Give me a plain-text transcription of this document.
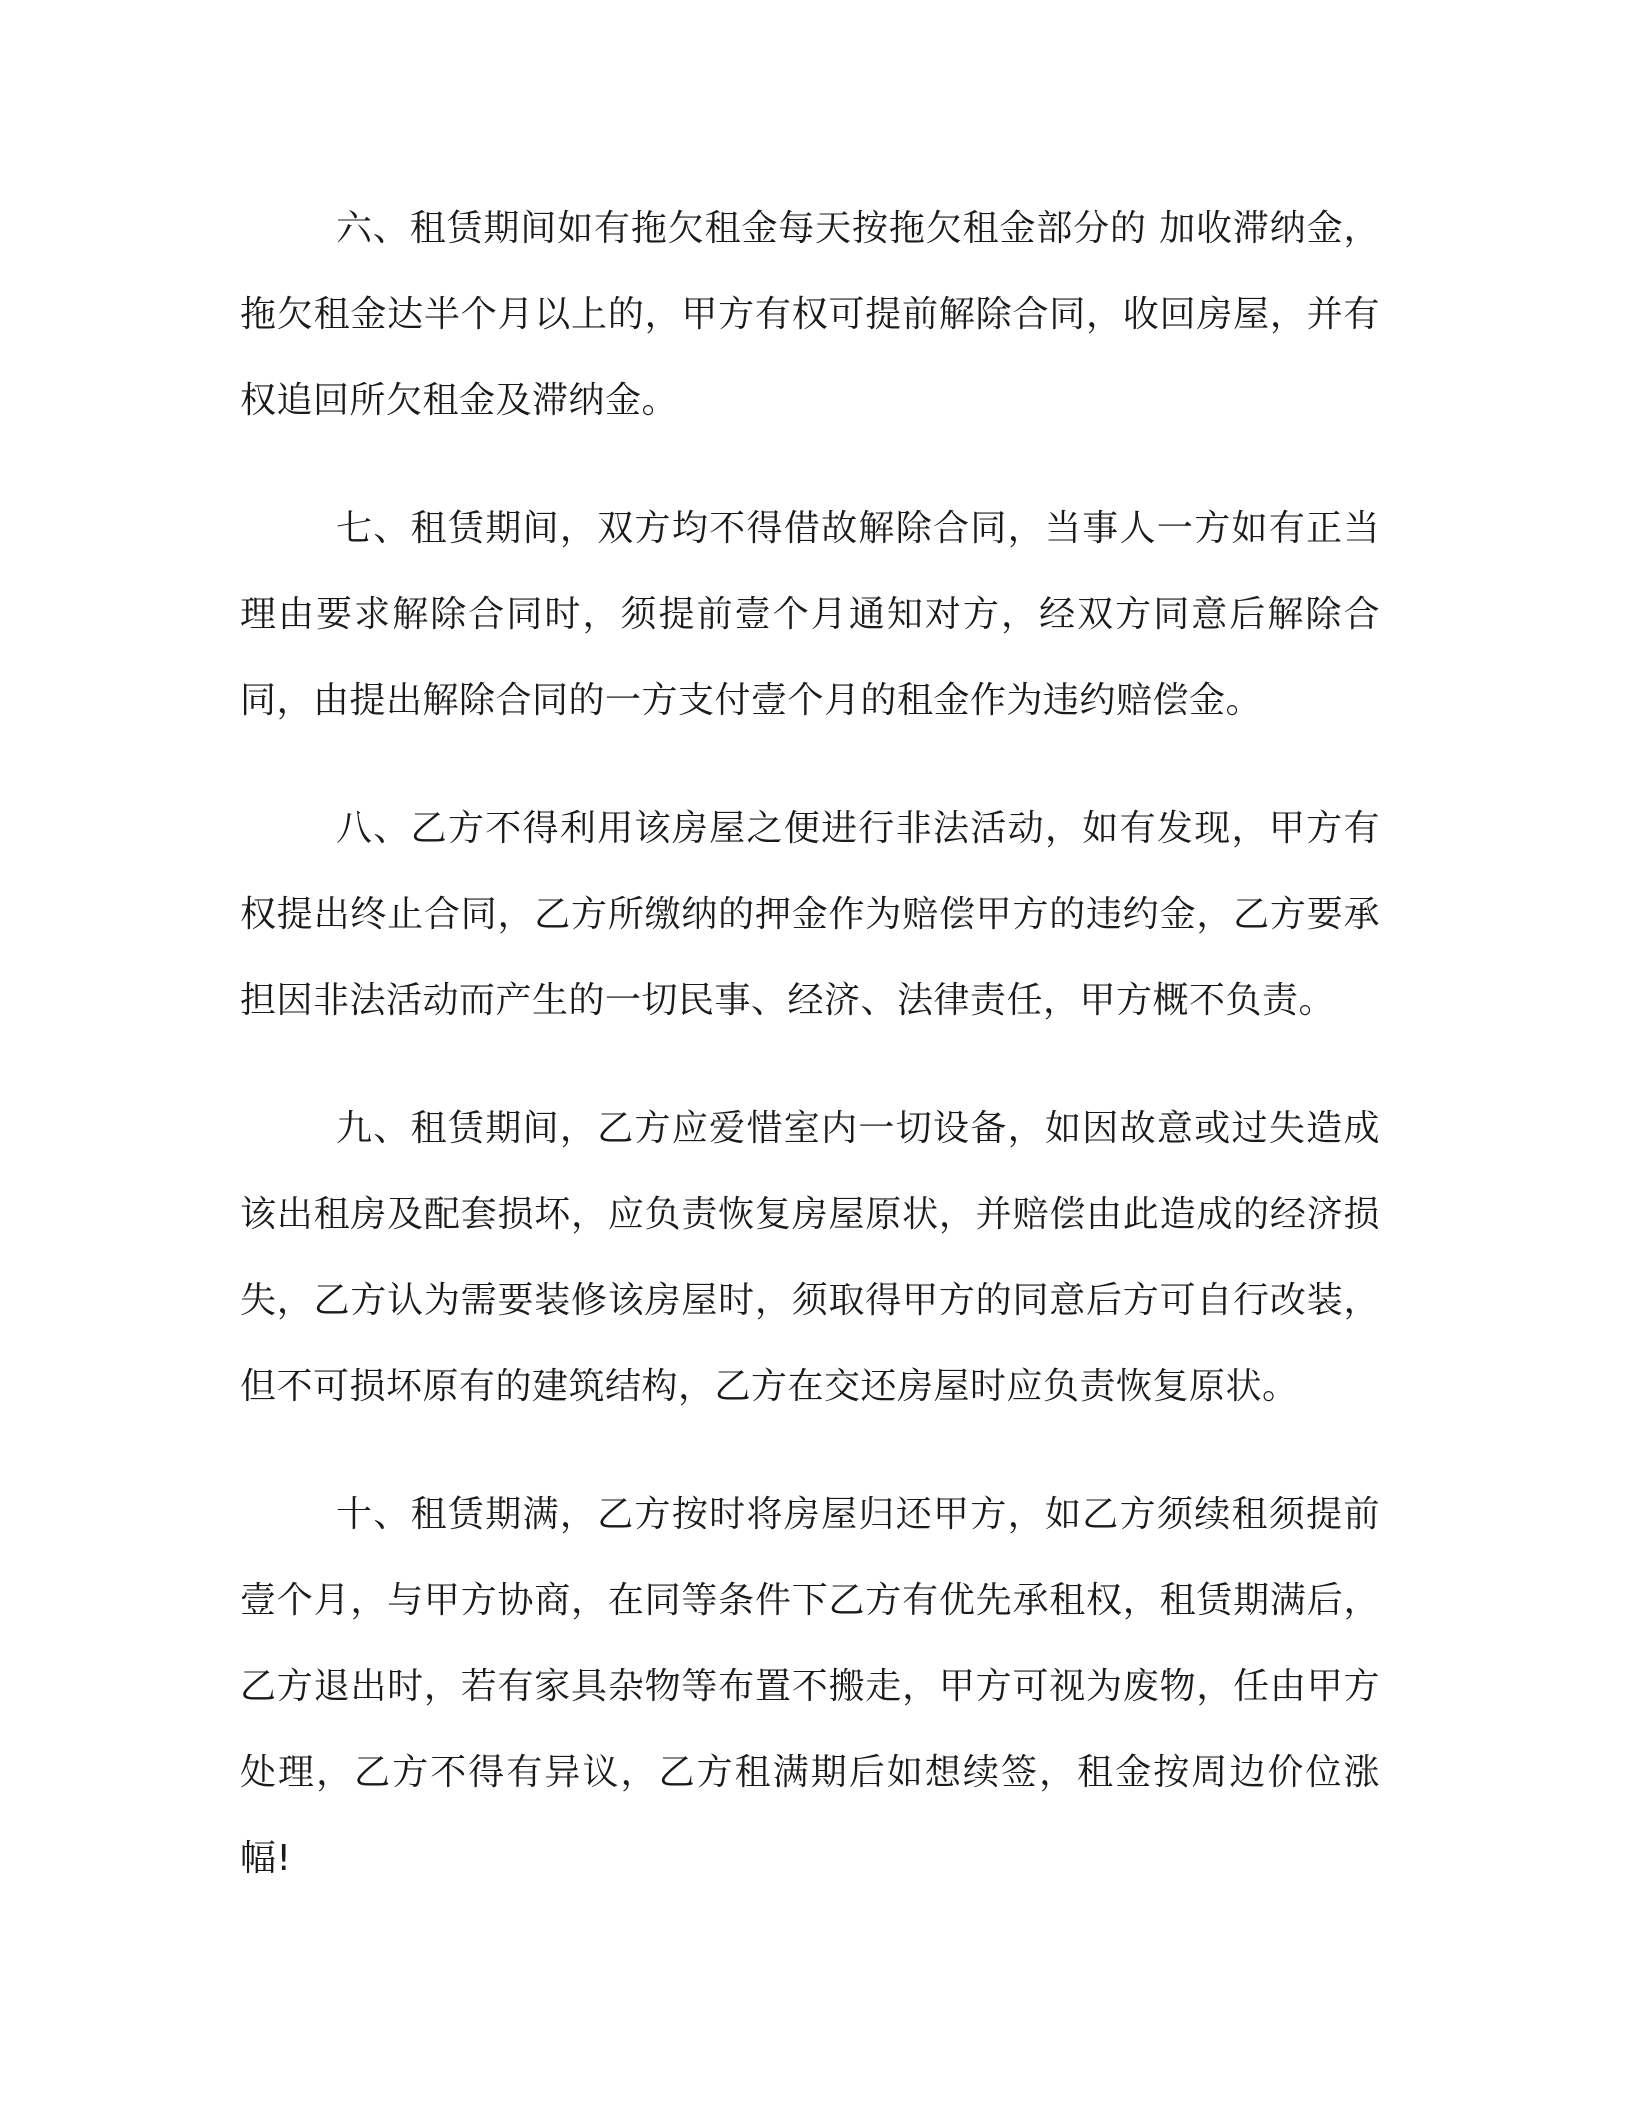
六、租赁期间如有拖欠租金每天按拖欠租金部分的 加收滞纳金，拖欠租金达半个月以上的，甲方有权可提前解除合同，收回房屋，并有权追回所欠租金及滞纳金。

七、租赁期间，双方均不得借故解除合同，当事人一方如有正当理由要求解除合同时，须提前壹个月通知对方，经双方同意后解除合同，由提出解除合同的一方支付壹个月的租金作为违约赔偿金。

八、乙方不得利用该房屋之便进行非法活动，如有发现，甲方有权提出终止合同，乙方所缴纳的押金作为赔偿甲方的违约金，乙方要承担因非法活动而产生的一切民事、经济、法律责任，甲方概不负责。

九、租赁期间，乙方应爱惜室内一切设备，如因故意或过失造成该出租房及配套损坏，应负责恢复房屋原状，并赔偿由此造成的经济损失，乙方认为需要装修该房屋时，须取得甲方的同意后方可自行改装，但不可损坏原有的建筑结构，乙方在交还房屋时应负责恢复原状。

十、租赁期满，乙方按时将房屋归还甲方，如乙方须续租须提前壹个月，与甲方协商，在同等条件下乙方有优先承租权，租赁期满后，乙方退出时，若有家具杂物等布置不搬走，甲方可视为废物，任由甲方处理，乙方不得有异议，乙方租满期后如想续签，租金按周边价位涨幅!
